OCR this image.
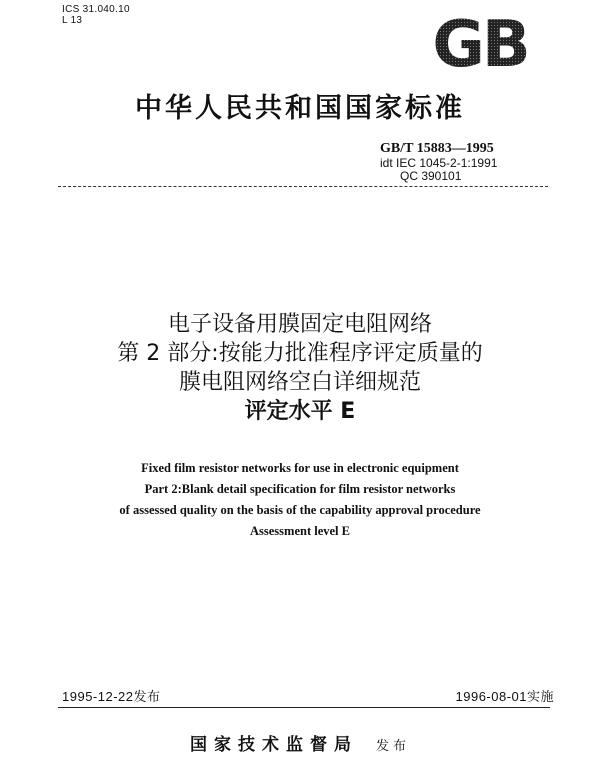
ICS 31.040.10
L 13	GB
中华人民共和国国家标准
GB/T 15883—1995
idt IEC 1045-2-1:1991
QC 390101
电子设备用膜固定电阻网络
第 2 部分:按能力批准程序评定质量的
膜电阻网络空白详细规范
评定水平 E
Fixed film resistor networks for use in electronic equipment
Part 2:Blank detail specification for film resistor networks
of assessed quality on the basis of the capability approval procedure
Assessment level E
1995-12-22发布	1996-08-01实施
国家技术监督局 发布
